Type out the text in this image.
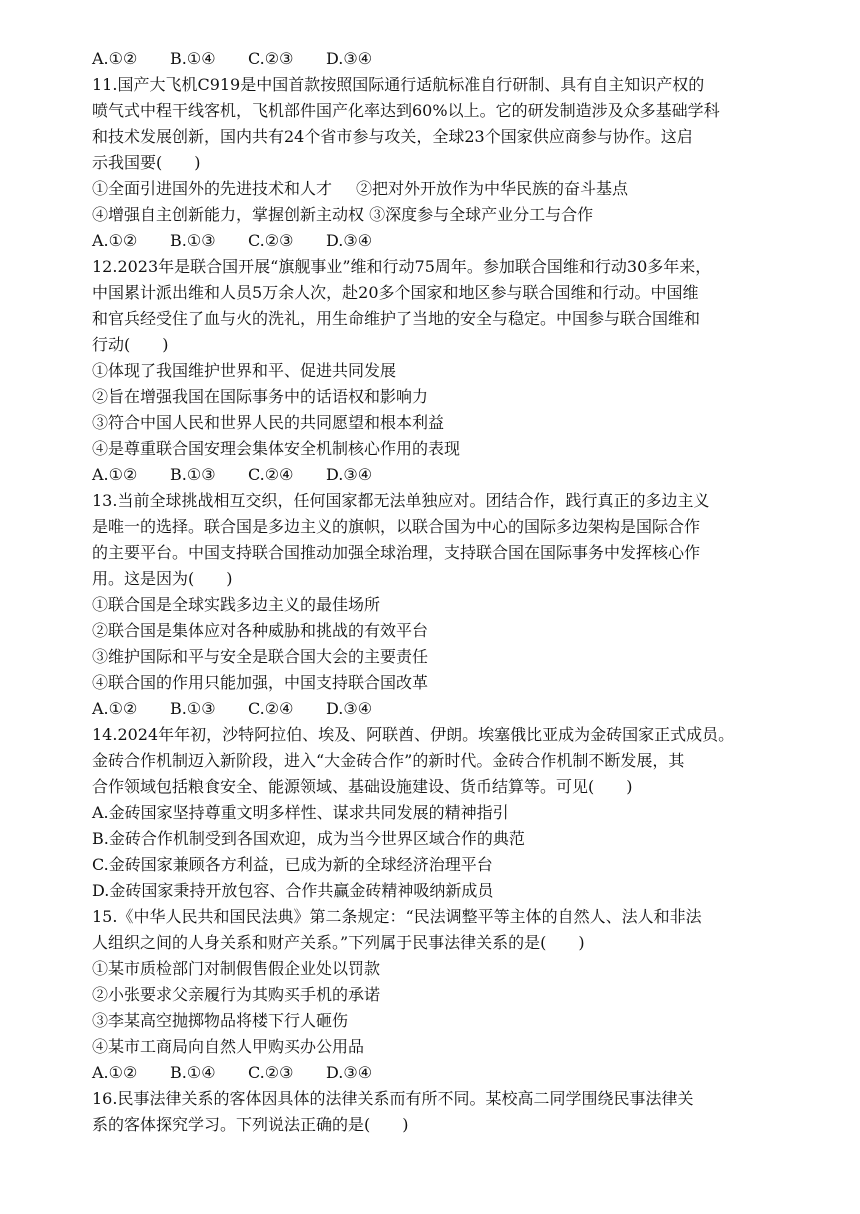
A.①②	B.①④	C.②③	D.③④
11.国产大飞机C919是中国首款按照国际通行适航标准自行研制、具有自主知识产权的
喷气式中程干线客机，飞机部件国产化率达到60%以上。它的研发制造涉及众多基础学科
和技术发展创新，国内共有24个省市参与攻关，全球23个国家供应商参与协作。这启
示我国要(　　)
①全面引进国外的先进技术和人才 ②把对外开放作为中华民族的奋斗基点
④增强自主创新能力，掌握创新主动权 ③深度参与全球产业分工与合作
A.①②	B.①③	C.②③	D.③④
12.2023年是联合国开展“旗舰事业”维和行动75周年。参加联合国维和行动30多年来，
中国累计派出维和人员5万余人次，赴20多个国家和地区参与联合国维和行动。中国维
和官兵经受住了血与火的洗礼，用生命维护了当地的安全与稳定。中国参与联合国维和
行动(　　)
①体现了我国维护世界和平、促进共同发展
②旨在增强我国在国际事务中的话语权和影响力
③符合中国人民和世界人民的共同愿望和根本利益
④是尊重联合国安理会集体安全机制核心作用的表现
A.①②	B.①③	C.②④	D.③④
13.当前全球挑战相互交织，任何国家都无法单独应对。团结合作，践行真正的多边主义
是唯一的选择。联合国是多边主义的旗帜，以联合国为中心的国际多边架构是国际合作
的主要平台。中国支持联合国推动加强全球治理，支持联合国在国际事务中发挥核心作
用。这是因为(　　)
①联合国是全球实践多边主义的最佳场所
②联合国是集体应对各种威胁和挑战的有效平台
③维护国际和平与安全是联合国大会的主要责任
④联合国的作用只能加强，中国支持联合国改革
A.①②	B.①③	C.②④	D.③④
14.2024年年初，沙特阿拉伯、埃及、阿联酋、伊朗。埃塞俄比亚成为金砖国家正式成员。
金砖合作机制迈入新阶段，进入“大金砖合作”的新时代。金砖合作机制不断发展，其
合作领域包括粮食安全、能源领域、基础设施建设、货币结算等。可见(　　)
A.金砖国家坚持尊重文明多样性、谋求共同发展的精神指引
B.金砖合作机制受到各国欢迎，成为当今世界区域合作的典范
C.金砖国家兼顾各方利益，已成为新的全球经济治理平台
D.金砖国家秉持开放包容、合作共赢金砖精神吸纳新成员
15.《中华人民共和国民法典》第二条规定：“民法调整平等主体的自然人、法人和非法
人组织之间的人身关系和财产关系。”下列属于民事法律关系的是(　　)
①某市质检部门对制假售假企业处以罚款
②小张要求父亲履行为其购买手机的承诺
③李某高空抛掷物品将楼下行人砸伤
④某市工商局向自然人甲购买办公用品
A.①②	B.①④	C.②③	D.③④
16.民事法律关系的客体因具体的法律关系而有所不同。某校高二同学围绕民事法律关
系的客体探究学习。下列说法正确的是(　　)
